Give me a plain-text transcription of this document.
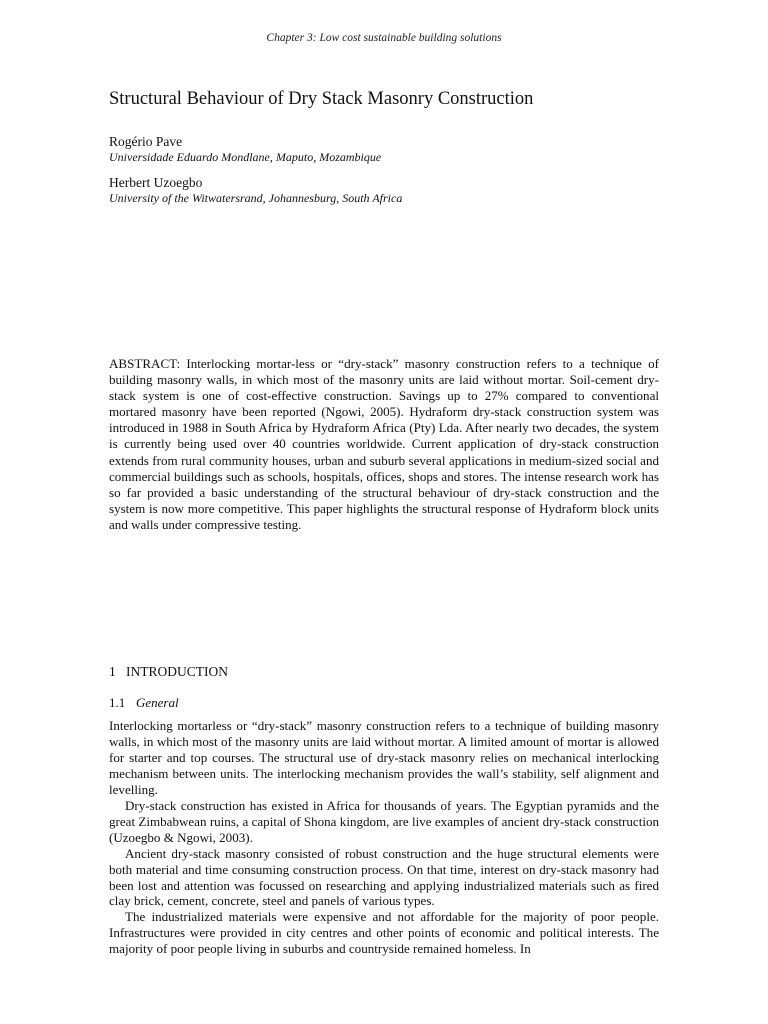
Chapter 3: Low cost sustainable building solutions
Structural Behaviour of Dry Stack Masonry Construction
Rogério Pave
Universidade Eduardo Mondlane, Maputo, Mozambique
Herbert Uzoegbo
University of the Witwatersrand, Johannesburg, South Africa

ABSTRACT: Interlocking mortar-less or “dry-stack” masonry construction refers to a technique of building masonry walls, in which most of the masonry units are laid without mortar. Soil-cement dry-stack system is one of cost-effective construction. Savings up to 27% compared to conventional mortared masonry have been reported (Ngowi, 2005). Hydraform dry-stack construction system was introduced in 1988 in South Africa by Hydraform Africa (Pty) Lda. After nearly two decades, the system is currently being used over 40 countries worldwide. Current application of dry-stack construction extends from rural community houses, urban and suburb several applications in medium-sized social and commercial buildings such as schools, hospitals, offices, shops and stores. The intense research work has so far provided a basic understanding of the structural behaviour of dry-stack construction and the system is now more competitive. This paper highlights the structural response of Hydraform block units and walls under compressive testing.

1 INTRODUCTION
1.1 General

Interlocking mortarless or “dry-stack” masonry construction refers to a technique of building masonry walls, in which most of the masonry units are laid without mortar. A limited amount of mortar is allowed for starter and top courses. The structural use of dry-stack masonry relies on mechanical interlocking mechanism between units. The interlocking mechanism provides the wall’s stability, self alignment and levelling.

Dry-stack construction has existed in Africa for thousands of years. The Egyptian pyramids and the great Zimbabwean ruins, a capital of Shona kingdom, are live examples of ancient dry-stack construction (Uzoegbo & Ngowi, 2003).

Ancient dry-stack masonry consisted of robust construction and the huge structural elements were both material and time consuming construction process. On that time, interest on dry-stack masonry had been lost and attention was focussed on researching and applying industrialized materials such as fired clay brick, cement, concrete, steel and panels of various types.

The industrialized materials were expensive and not affordable for the majority of poor people. Infrastructures were provided in city centres and other points of economic and political interests. The majority of poor people living in suburbs and countryside remained homeless. In
